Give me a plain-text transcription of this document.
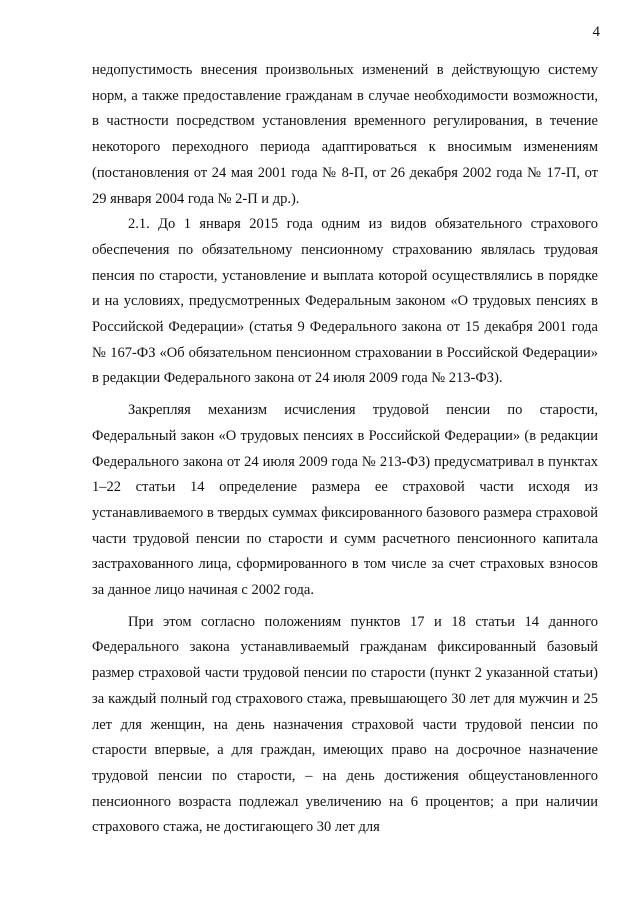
4

недопустимость внесения произвольных изменений в действующую систему норм, а также предоставление гражданам в случае необходимости возможности, в частности посредством установления временного регулирования, в течение некоторого переходного периода адаптироваться к вносимым изменениям (постановления от 24 мая 2001 года № 8-П, от 26 декабря 2002 года № 17-П, от 29 января 2004 года № 2-П и др.).

2.1. До 1 января 2015 года одним из видов обязательного страхового обеспечения по обязательному пенсионному страхованию являлась трудовая пенсия по старости, установление и выплата которой осуществлялись в порядке и на условиях, предусмотренных Федеральным законом «О трудовых пенсиях в Российской Федерации» (статья 9 Федерального закона от 15 декабря 2001 года № 167-ФЗ «Об обязательном пенсионном страховании в Российской Федерации» в редакции Федерального закона от 24 июля 2009 года № 213-ФЗ).

Закрепляя механизм исчисления трудовой пенсии по старости, Федеральный закон «О трудовых пенсиях в Российской Федерации» (в редакции Федерального закона от 24 июля 2009 года № 213-ФЗ) предусматривал в пунктах 1–22 статьи 14 определение размера ее страховой части исходя из устанавливаемого в твердых суммах фиксированного базового размера страховой части трудовой пенсии по старости и сумм расчетного пенсионного капитала застрахованного лица, сформированного в том числе за счет страховых взносов за данное лицо начиная с 2002 года.

При этом согласно положениям пунктов 17 и 18 статьи 14 данного Федерального закона устанавливаемый гражданам фиксированный базовый размер страховой части трудовой пенсии по старости (пункт 2 указанной статьи) за каждый полный год страхового стажа, превышающего 30 лет для мужчин и 25 лет для женщин, на день назначения страховой части трудовой пенсии по старости впервые, а для граждан, имеющих право на досрочное назначение трудовой пенсии по старости, – на день достижения общеустановленного пенсионного возраста подлежал увеличению на 6 процентов; а при наличии страхового стажа, не достигающего 30 лет для
